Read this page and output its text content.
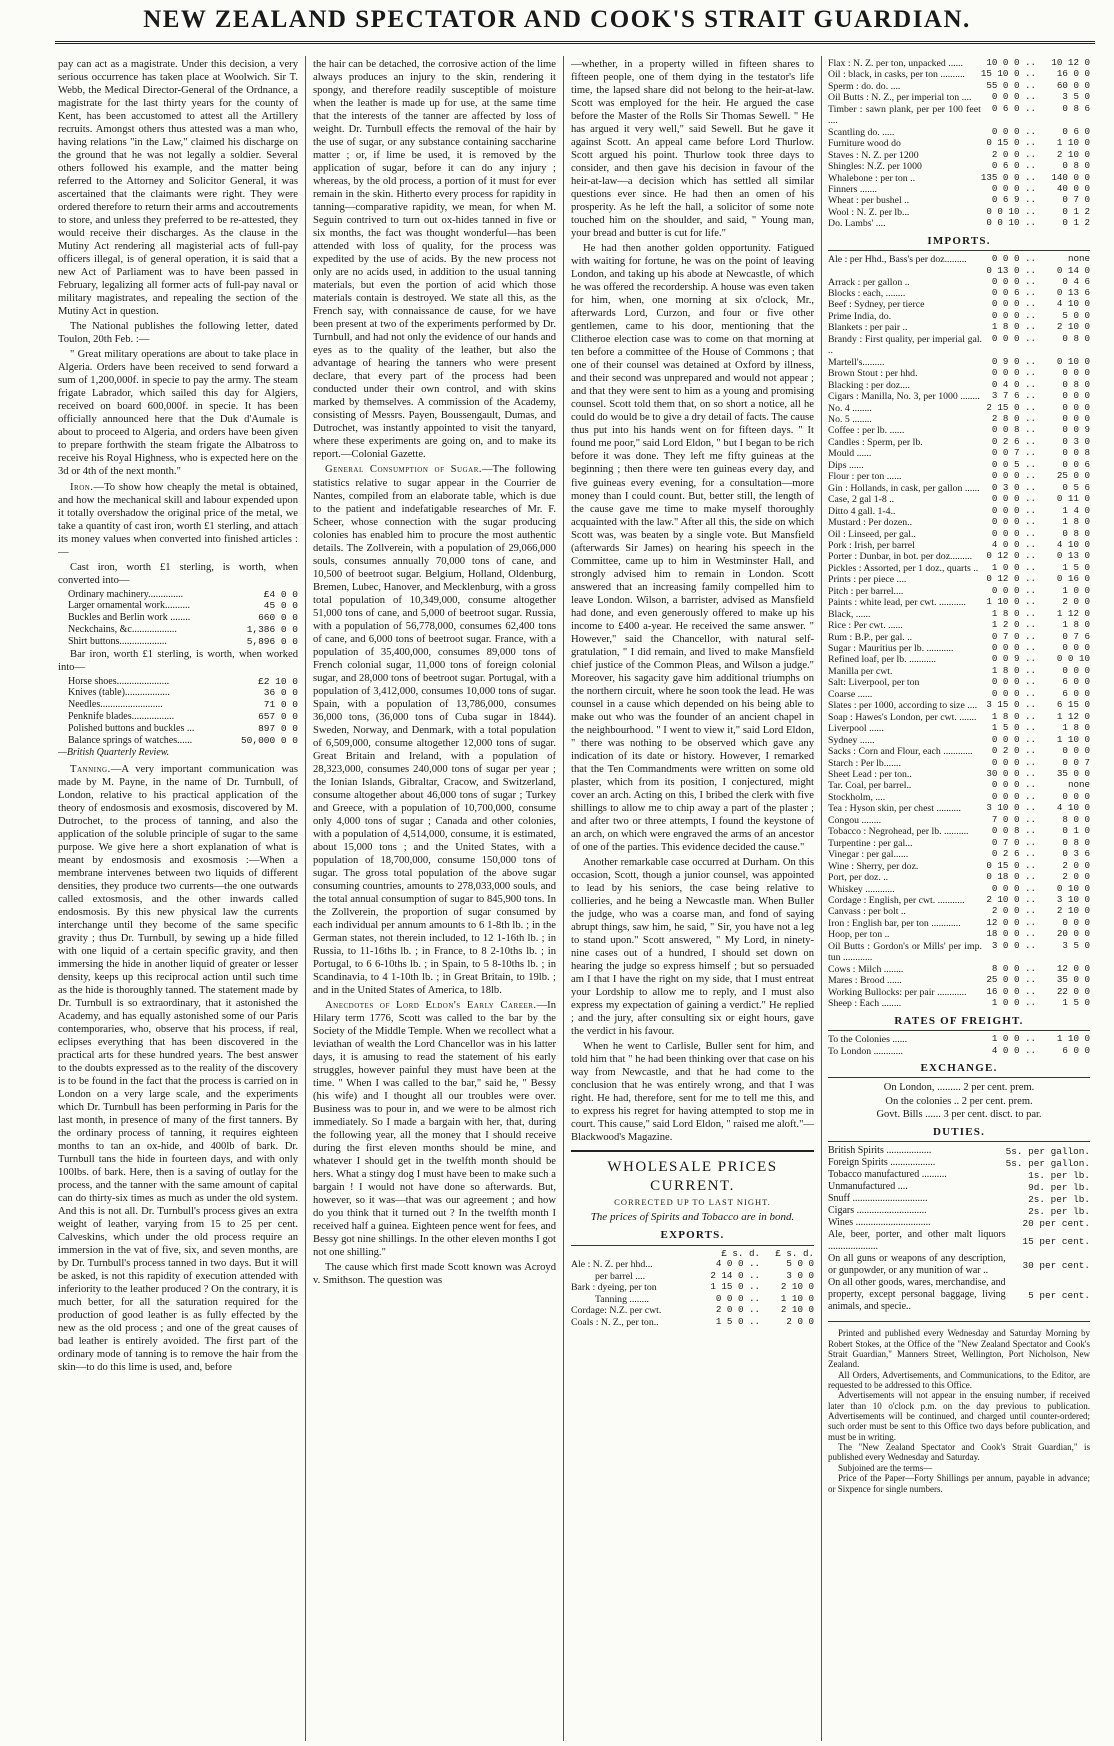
NEW ZEALAND SPECTATOR AND COOK'S STRAIT GUARDIAN.

pay can act as a magistrate. Under this decision, a very serious occurrence has taken place at Woolwich. Sir T. Webb, the Medical Director-General of the Ordnance, a magistrate for the last thirty years for the county of Kent, has been accustomed to attest all the Artillery recruits. Amongst others thus attested was a man who, having relations "in the Law," claimed his discharge on the ground that he was not legally a soldier. Several others followed his example, and the matter being referred to the Attorney and Solicitor General, it was ascertained that the claimants were right. They were ordered therefore to return their arms and accoutrements to store, and unless they preferred to be re-attested, they would receive their discharges. As the clause in the Mutiny Act rendering all magisterial acts of full-pay officers illegal, is of general operation, it is said that a new Act of Parliament was to have been passed in February, legalizing all former acts of full-pay naval or military magistrates, and repealing the section of the Mutiny Act in question.

The National publishes the following letter, dated Toulon, 20th Feb. :—

" Great military operations are about to take place in Algeria. Orders have been received to send forward a sum of 1,200,000f. in specie to pay the army. The steam frigate Labrador, which sailed this day for Algiers, received on board 600,000f. in specie. It has been officially announced here that the Duk d'Aumale is about to proceed to Algeria, and orders have been given to prepare forthwith the steam frigate the Albatross to receive his Royal Highness, who is expected here on the 3d or 4th of the next month."

Iron.—To show how cheaply the metal is obtained, and how the mechanical skill and labour expended upon it totally overshadow the original price of the metal, we take a quantity of cast iron, worth £1 sterling, and attach its money values when converted into finished articles :—

Cast iron, worth £1 sterling, is worth, when converted into—

Ordinary machinery..............	£4 0 0
Larger ornamental work..........	45 0 0
Buckles and Berlin work ........	660 0 0
Neckchains, &c..................	1,386 0 0
Shirt buttons...................	5,896 0 0

Bar iron, worth £1 sterling, is worth, when worked into—

Horse shoes.....................	£2 10 0
Knives (table)..................	36 0 0
Needles.........................	71 0 0
Penknife blades.................	657 0 0
Polished buttons and buckles ...	897 0 0
Balance springs of watches......	50,000 0 0
—British Quarterly Review.

Tanning.—A very important communication was made by M. Payne, in the name of Dr. Turnbull, of London, relative to his practical application of the theory of endosmosis and exosmosis, discovered by M. Dutrochet, to the process of tanning, and also the application of the soluble principle of sugar to the same purpose. We give here a short explanation of what is meant by endosmosis and exosmosis :—When a membrane intervenes between two liquids of different densities, they produce two currents—the one outwards called extosmosis, and the other inwards called endosmosis. By this new physical law the currents interchange until they become of the same specific gravity ; thus Dr. Turnbull, by sewing up a hide filled with one liquid of a certain specific gravity, and then immersing the hide in another liquid of greater or lesser density, keeps up this reciprocal action until such time as the hide is thoroughly tanned. The statement made by Dr. Turnbull is so extraordinary, that it astonished the Academy, and has equally astonished some of our Paris contemporaries, who, observe that his process, if real, eclipses everything that has been discovered in the practical arts for these hundred years. The best answer to the doubts expressed as to the reality of the discovery is to be found in the fact that the process is carried on in London on a very large scale, and the experiments which Dr. Turnbull has been performing in Paris for the last month, in presence of many of the first tanners. By the ordinary process of tanning, it requires eighteen months to tan an ox-hide, and 400lb of bark. Dr. Turnbull tans the hide in fourteen days, and with only 100lbs. of bark. Here, then is a saving of outlay for the process, and the tanner with the same amount of capital can do thirty-six times as much as under the old system. And this is not all. Dr. Turnbull's process gives an extra weight of leather, varying from 15 to 25 per cent. Calveskins, which under the old process require an immersion in the vat of five, six, and seven months, are by Dr. Turnbull's process tanned in two days. But it will be asked, is not this rapidity of execution attended with inferiority to the leather produced ? On the contrary, it is much better, for all the saturation required for the production of good leather is as fully effected by the new as the old process ; and one of the great causes of bad leather is entirely avoided. The first part of the ordinary mode of tanning is to remove the hair from the skin—to do this lime is used, and, before

the hair can be detached, the corrosive action of the lime always produces an injury to the skin, rendering it spongy, and therefore readily susceptible of moisture when the leather is made up for use, at the same time that the interests of the tanner are affected by loss of weight. Dr. Turnbull effects the removal of the hair by the use of sugar, or any substance containing saccharine matter ; or, if lime be used, it is removed by the application of sugar, before it can do any injury ; whereas, by the old process, a portion of it must for ever remain in the skin. Hitherto every process for rapidity in tanning—comparative rapidity, we mean, for when M. Seguin contrived to turn out ox-hides tanned in five or six months, the fact was thought wonderful—has been attended with loss of quality, for the process was expedited by the use of acids. By the new process not only are no acids used, in addition to the usual tanning materials, but even the portion of acid which those materials contain is destroyed. We state all this, as the French say, with connaissance de cause, for we have been present at two of the experiments performed by Dr. Turnbull, and had not only the evidence of our hands and eyes as to the quality of the leather, but also the advantage of hearing the tanners who were present declare, that every part of the process had been conducted under their own control, and with skins marked by themselves. A commission of the Academy, consisting of Messrs. Payen, Boussengault, Dumas, and Dutrochet, was instantly appointed to visit the tanyard, where these experiments are going on, and to make its report.—Colonial Gazette.

General Consumption of Sugar.—The following statistics relative to sugar appear in the Courrier de Nantes, compiled from an elaborate table, which is due to the patient and indefatigable researches of Mr. F. Scheer, whose connection with the sugar producing colonies has enabled him to procure the most authentic details. The Zollverein, with a population of 29,066,000 souls, consumes annually 70,000 tons of cane, and 10,500 of beetroot sugar. Belgium, Holland, Oldenburg, Bremen, Lubec, Hanover, and Mecklenburg, with a gross total population of 10,349,000, consume altogether 51,000 tons of cane, and 5,000 of beetroot sugar. Russia, with a population of 56,778,000, consumes 62,400 tons of cane, and 6,000 tons of beetroot sugar. France, with a population of 35,400,000, consumes 89,000 tons of French colonial sugar, 11,000 tons of foreign colonial sugar, and 28,000 tons of beetroot sugar. Portugal, with a population of 3,412,000, consumes 10,000 tons of sugar. Spain, with a population of 13,786,000, consumes 36,000 tons, (36,000 tons of Cuba sugar in 1844). Sweden, Norway, and Denmark, with a total population of 6,509,000, consume altogether 12,000 tons of sugar. Great Britain and Ireland, with a population of 28,323,000, consumes 240,000 tons of sugar per year ; the Ionian Islands, Gibraltar, Cracow, and Switzerland, consume altogether about 46,000 tons of sugar ; Turkey and Greece, with a population of 10,700,000, consume only 4,000 tons of sugar ; Canada and other colonies, with a population of 4,514,000, consume, it is estimated, about 15,000 tons ; and the United States, with a population of 18,700,000, consume 150,000 tons of sugar. The gross total population of the above sugar consuming countries, amounts to 278,033,000 souls, and the total annual consumption of sugar to 845,900 tons. In the Zollverein, the proportion of sugar consumed by each individual per annum amounts to 6 1-8th lb. ; in the German states, not therein included, to 12 1-16th lb. ; in Russia, to 11-16ths lb. ; in France, to 8 2-10ths lb. ; in Portugal, to 6 6-10ths lb. ; in Spain, to 5 8-10ths lb. ; in Scandinavia, to 4 1-10th lb. ; in Great Britain, to 19lb. ; and in the United States of America, to 18lb.

Anecdotes of Lord Eldon's Early Career.—In Hilary term 1776, Scott was called to the bar by the Society of the Middle Temple. When we recollect what a leviathan of wealth the Lord Chancellor was in his latter days, it is amusing to read the statement of his early struggles, however painful they must have been at the time. " When I was called to the bar," said he, " Bessy (his wife) and I thought all our troubles were over. Business was to pour in, and we were to be almost rich immediately. So I made a bargain with her, that, during the following year, all the money that I should receive during the first eleven months should be mine, and whatever I should get in the twelfth month should be hers. What a stingy dog I must have been to make such a bargain ! I would not have done so afterwards. But, however, so it was—that was our agreement ; and how do you think that it turned out ? In the twelfth month I received half a guinea. Eighteen pence went for fees, and Bessy got nine shillings. In the other eleven months I got not one shilling."

The cause which first made Scott known was Acroyd v. Smithson. The question was

—whether, in a property willed in fifteen shares to fifteen people, one of them dying in the testator's life time, the lapsed share did not belong to the heir-at-law. Scott was employed for the heir. He argued the case before the Master of the Rolls Sir Thomas Sewell. " He has argued it very well," said Sewell. But he gave it against Scott. An appeal came before Lord Thurlow. Scott argued his point. Thurlow took three days to consider, and then gave his decision in favour of the heir-at-law—a decision which has settled all similar questions ever since. He had then an omen of his prosperity. As he left the hall, a solicitor of some note touched him on the shoulder, and said, " Young man, your bread and butter is cut for life."

He had then another golden opportunity. Fatigued with waiting for fortune, he was on the point of leaving London, and taking up his abode at Newcastle, of which he was offered the recordership. A house was even taken for him, when, one morning at six o'clock, Mr., afterwards Lord, Curzon, and four or five other gentlemen, came to his door, mentioning that the Clitheroe election case was to come on that morning at ten before a committee of the House of Commons ; that one of their counsel was detained at Oxford by illness, and their second was unprepared and would not appear ; and that they were sent to him as a young and promising counsel. Scott told them that, on so short a notice, all he could do would be to give a dry detail of facts. The cause thus put into his hands went on for fifteen days. " It found me poor," said Lord Eldon, " but I began to be rich before it was done. They left me fifty guineas at the beginning ; then there were ten guineas every day, and five guineas every evening, for a consultation—more money than I could count. But, better still, the length of the cause gave me time to make myself thoroughly acquainted with the law." After all this, the side on which Scott was, was beaten by a single vote. But Mansfield (afterwards Sir James) on hearing his speech in the Committee, came up to him in Westminster Hall, and strongly advised him to remain in London. Scott answered that an increasing family compelled him to leave London. Wilson, a barrister, advised as Mansfield had done, and even generously offered to make up his income to £400 a-year. He received the same answer. " However," said the Chancellor, with natural self-gratulation, " I did remain, and lived to make Mansfield chief justice of the Common Pleas, and Wilson a judge." Moreover, his sagacity gave him additional triumphs on the northern circuit, where he soon took the lead. He was counsel in a cause which depended on his being able to make out who was the founder of an ancient chapel in the neighbourhood. " I went to view it," said Lord Eldon, " there was nothing to be observed which gave any indication of its date or history. However, I remarked that the Ten Commandments were written on some old plaster, which from its position, I conjectured, might cover an arch. Acting on this, I bribed the clerk with five shillings to allow me to chip away a part of the plaster ; and after two or three attempts, I found the keystone of an arch, on which were engraved the arms of an ancestor of one of the parties. This evidence decided the cause."

Another remarkable case occurred at Durham. On this occasion, Scott, though a junior counsel, was appointed to lead by his seniors, the case being relative to collieries, and he being a Newcastle man. When Buller the judge, who was a coarse man, and fond of saying abrupt things, saw him, he said, " Sir, you have not a leg to stand upon." Scott answered, " My Lord, in ninety-nine cases out of a hundred, I should set down on hearing the judge so express himself ; but so persuaded am I that I have the right on my side, that I must entreat your Lordship to allow me to reply, and I must also express my expectation of gaining a verdict." He replied ; and the jury, after consulting six or eight hours, gave the verdict in his favour.

When he went to Carlisle, Buller sent for him, and told him that " he had been thinking over that case on his way from Newcastle, and that he had come to the conclusion that he was entirely wrong, and that I was right. He had, therefore, sent for me to tell me this, and to express his regret for having attempted to stop me in court. This cause," said Lord Eldon, " raised me aloft."—Blackwood's Magazine.

WHOLESALE PRICES CURRENT.
CORRECTED UP TO LAST NIGHT.
The prices of Spirits and Tobacco are in bond.
EXPORTS.
	£ s. d.	£ s. d.
Ale : N. Z. per hhd...	4 0 0 ..	5 0 0
per barrel ....	2 14 0 ..	3 0 0
Bark : dyeing, per ton	1 15 0 ..	2 10 0
Tanning ........	0 0 0 ..	1 10 0
Cordage: N.Z. per cwt.	2 0 0 ..	2 10 0
Coals : N. Z., per ton..	1 5 0 ..	2 0 0
Flax : N. Z. per ton, unpacked ......	10 0 0 ..	10 12 0
Oil : black, in casks, per ton ..........	15 10 0 ..	16 0 0
Sperm : do. do. ....	55 0 0 ..	60 0 0
Oil Butts : N. Z., per imperial ton ....	0 0 0 ..	3 5 0
Timber : sawn plank, per per 100 feet ....	0 6 0 ..	0 8 6
Scantling do. .....	0 0 0 ..	0 6 0
Furniture wood do	0 15 0 ..	1 10 0
Staves : N. Z. per 1200	2 0 0 ..	2 10 0
Shingles: N.Z. per 1000	0 6 0 ..	0 8 0
Whalebone : per ton ..	135 0 0 ..	140 0 0
Finners .......	0 0 0 ..	40 0 0
Wheat : per bushel ..	0 6 9 ..	0 7 0
Wool : N. Z. per lb...	0 0 10 ..	0 1 2
Do. Lambs' ....	0 0 10 ..	0 1 2
IMPORTS.
Ale : per Hhd., Bass's per doz.........	0 0 0 ..	none
	0 13 0 ..	0 14 0
Arrack : per gallon ..	0 0 0 ..	0 4 6
Blocks : each, ........	0 0 6 ..	0 13 6
Beef : Sydney, per tierce	0 0 0 ..	4 10 0
Prime India, do.	0 0 0 ..	5 0 0
Blankets : per pair ..	1 8 0 ..	2 10 0
Brandy : First quality, per imperial gal. ..	0 0 0 ..	0 8 0
Martell's.........	0 9 0 ..	0 10 0
Brown Stout : per hhd.	0 0 0 ..	0 0 0
Blacking : per doz....	0 4 0 ..	0 8 0
Cigars : Manilla, No. 3, per 1000 ........	3 7 6 ..	0 0 0
No. 4 ........	2 15 0 ..	0 0 0
No. 5 ........	2 8 0 ..	0 0 0
Coffee : per lb. ......	0 0 8 ..	0 0 9
Candles : Sperm, per lb.	0 2 6 ..	0 3 0
Mould ......	0 0 7 ..	0 0 8
Dips ......	0 0 5 ..	0 0 6
Flour : per ton ......	0 0 0 ..	25 0 0
Gin : Hollands, in cask, per gallon ......	0 3 0 ..	0 5 6
Case, 2 gal 1-8 ..	0 0 0 ..	0 11 0
Ditto 4 gall. 1-4..	0 0 0 ..	1 4 0
Mustard : Per dozen..	0 0 0 ..	1 8 0
Oil : Linseed, per gal..	0 0 0 ..	0 8 0
Pork : Irish, per barrel	4 0 0 ..	4 10 0
Porter : Dunbar, in bot. per doz.........	0 12 0 ..	0 13 0
Pickles : Assorted, per 1 doz., quarts ..	1 0 0 ..	1 5 0
Prints : per piece ....	0 12 0 ..	0 16 0
Pitch : per barrel....	0 0 0 ..	1 0 0
Paints : white lead, per cwt. ...........	1 10 0 ..	2 0 0
Black, ......	1 8 0 ..	1 12 0
Rice : Per cwt. ......	1 2 0 ..	1 8 0
Rum : B.P., per gal. ..	0 7 0 ..	0 7 6
Sugar : Mauritius per lb. ...........	0 0 0 ..	0 0 0
Refined loaf, per lb. ...........	0 0 9 ..	0 0 10
Manilla per cwt.	1 8 0 ..	0 0 0
Salt: Liverpool, per ton	0 0 0 ..	6 0 0
Coarse ......	0 0 0 ..	6 0 0
Slates : per 1000, according to size ....	3 15 0 ..	6 15 0
Soap : Hawes's London, per cwt. .......	1 8 0 ..	1 12 0
Liverpool ......	1 5 0 ..	1 8 0
Sydney ......	0 0 0 ..	1 10 0
Sacks : Corn and Flour, each ............	0 2 0 ..	0 0 0
Starch : Per lb.......	0 0 0 ..	0 0 7
Sheet Lead : per ton..	30 0 0 ..	35 0 0
Tar. Coal, per barrel..	0 0 0 ..	none
Stockholm, ....	0 0 0 ..	0 0 0
Tea : Hyson skin, per chest ..........	3 10 0 ..	4 10 0
Congou ........	7 0 0 ..	8 0 0
Tobacco : Negrohead, per lb. ..........	0 0 8 ..	0 1 0
Turpentine : per gal...	0 7 0 ..	0 8 0
Vinegar : per gal......	0 2 6 ..	0 3 6
Wine : Sherry, per doz.	0 15 0 ..	2 0 0
Port, per doz. ..	0 18 0 ..	2 0 0
Whiskey ............	0 0 0 ..	0 10 0
Cordage : English, per cwt. ...........	2 10 0 ..	3 10 0
Canvass : per bolt ..	2 0 0 ..	2 10 0
Iron : English bar, per ton ............	12 0 0 ..	0 0 0
Hoop, per ton ..	18 0 0 ..	20 0 0
Oil Butts : Gordon's or Mills' per imp. tun ............	3 0 0 ..	3 5 0
Cows : Milch ........	8 0 0 ..	12 0 0
Mares : Brood ......	25 0 0 ..	35 0 0
Working Bullocks: per pair ............	16 0 0 ..	22 0 0
Sheep : Each ........	1 0 0 ..	1 5 0
RATES OF FREIGHT.
To the Colonies ......	1 0 0 ..	1 10 0
To London ............	4 0 0 ..	6 0 0
EXCHANGE.
On London, ......... 2 per cent. prem.
On the colonies .. 2 per cent. prem.
Govt. Bills ...... 3 per cent. disct. to par.
DUTIES.
British Spirits ..................	5s. per gallon.
Foreign Spirits ..................	5s. per gallon.
Tobacco manufactured ..........	1s. per lb.
Unmanufactured ....	9d. per lb.
Snuff ..............................	2s. per lb.
Cigars ............................	2s. per lb.
Wines ..............................	20 per cent.
Ale, beer, porter, and other malt liquors ....................	15 per cent.
On all guns or weapons of any description, or gunpowder, or any munition of war ..	30 per cent.
On all other goods, wares, merchandise, and property, except personal baggage, living animals, and specie..	5 per cent.

Printed and published every Wednesday and Saturday Morning by Robert Stokes, at the Office of the "New Zealand Spectator and Cook's Strait Guardian," Manners Street, Wellington, Port Nicholson, New Zealand.

All Orders, Advertisements, and Communications, to the Editor, are requested to be addressed to this Office.

Advertisements will not appear in the ensuing number, if received later than 10 o'clock p.m. on the day previous to publication. Advertisements will be continued, and charged until counter-ordered; such order must be sent to this Office two days before publication, and must be in writing.

The "New Zealand Spectator and Cook's Strait Guardian," is published every Wednesday and Saturday.

Subjoined are the terms—

Price of the Paper—Forty Shillings per annum, payable in advance; or Sixpence for single numbers.
